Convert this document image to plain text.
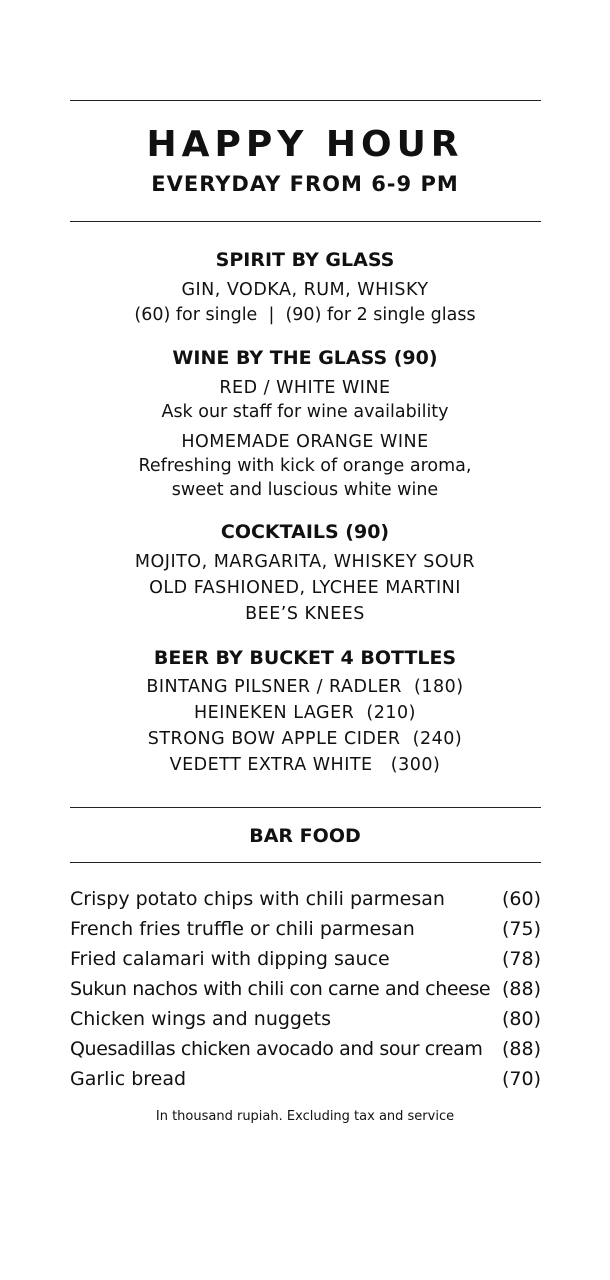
HAPPY HOUR
EVERYDAY FROM 6-9 PM
SPIRIT BY GLASS
GIN, VODKA, RUM, WHISKY
(60) for single  |  (90) for 2 single glass
WINE BY THE GLASS (90)
RED / WHITE WINE
Ask our staff for wine availability
HOMEMADE ORANGE WINE
Refreshing with kick of orange aroma,
sweet and luscious white wine
COCKTAILS (90)
MOJITO, MARGARITA, WHISKEY SOUR
OLD FASHIONED, LYCHEE MARTINI
BEE’S KNEES
BEER BY BUCKET 4 BOTTLES
BINTANG PILSNER / RADLER  (180)
HEINEKEN LAGER  (210)
STRONG BOW APPLE CIDER  (240)
VEDETT EXTRA WHITE   (300)
BAR FOOD
Crispy potato chips with chili parmesan	(60)
French fries truffle or chili parmesan	(75)
Fried calamari with dipping sauce	(78)
Sukun nachos with chili con carne and cheese (88)
Chicken wings and nuggets	(80)
Quesadillas chicken avocado and sour cream (88)
Garlic bread	(70)
In thousand rupiah. Excluding tax and service
